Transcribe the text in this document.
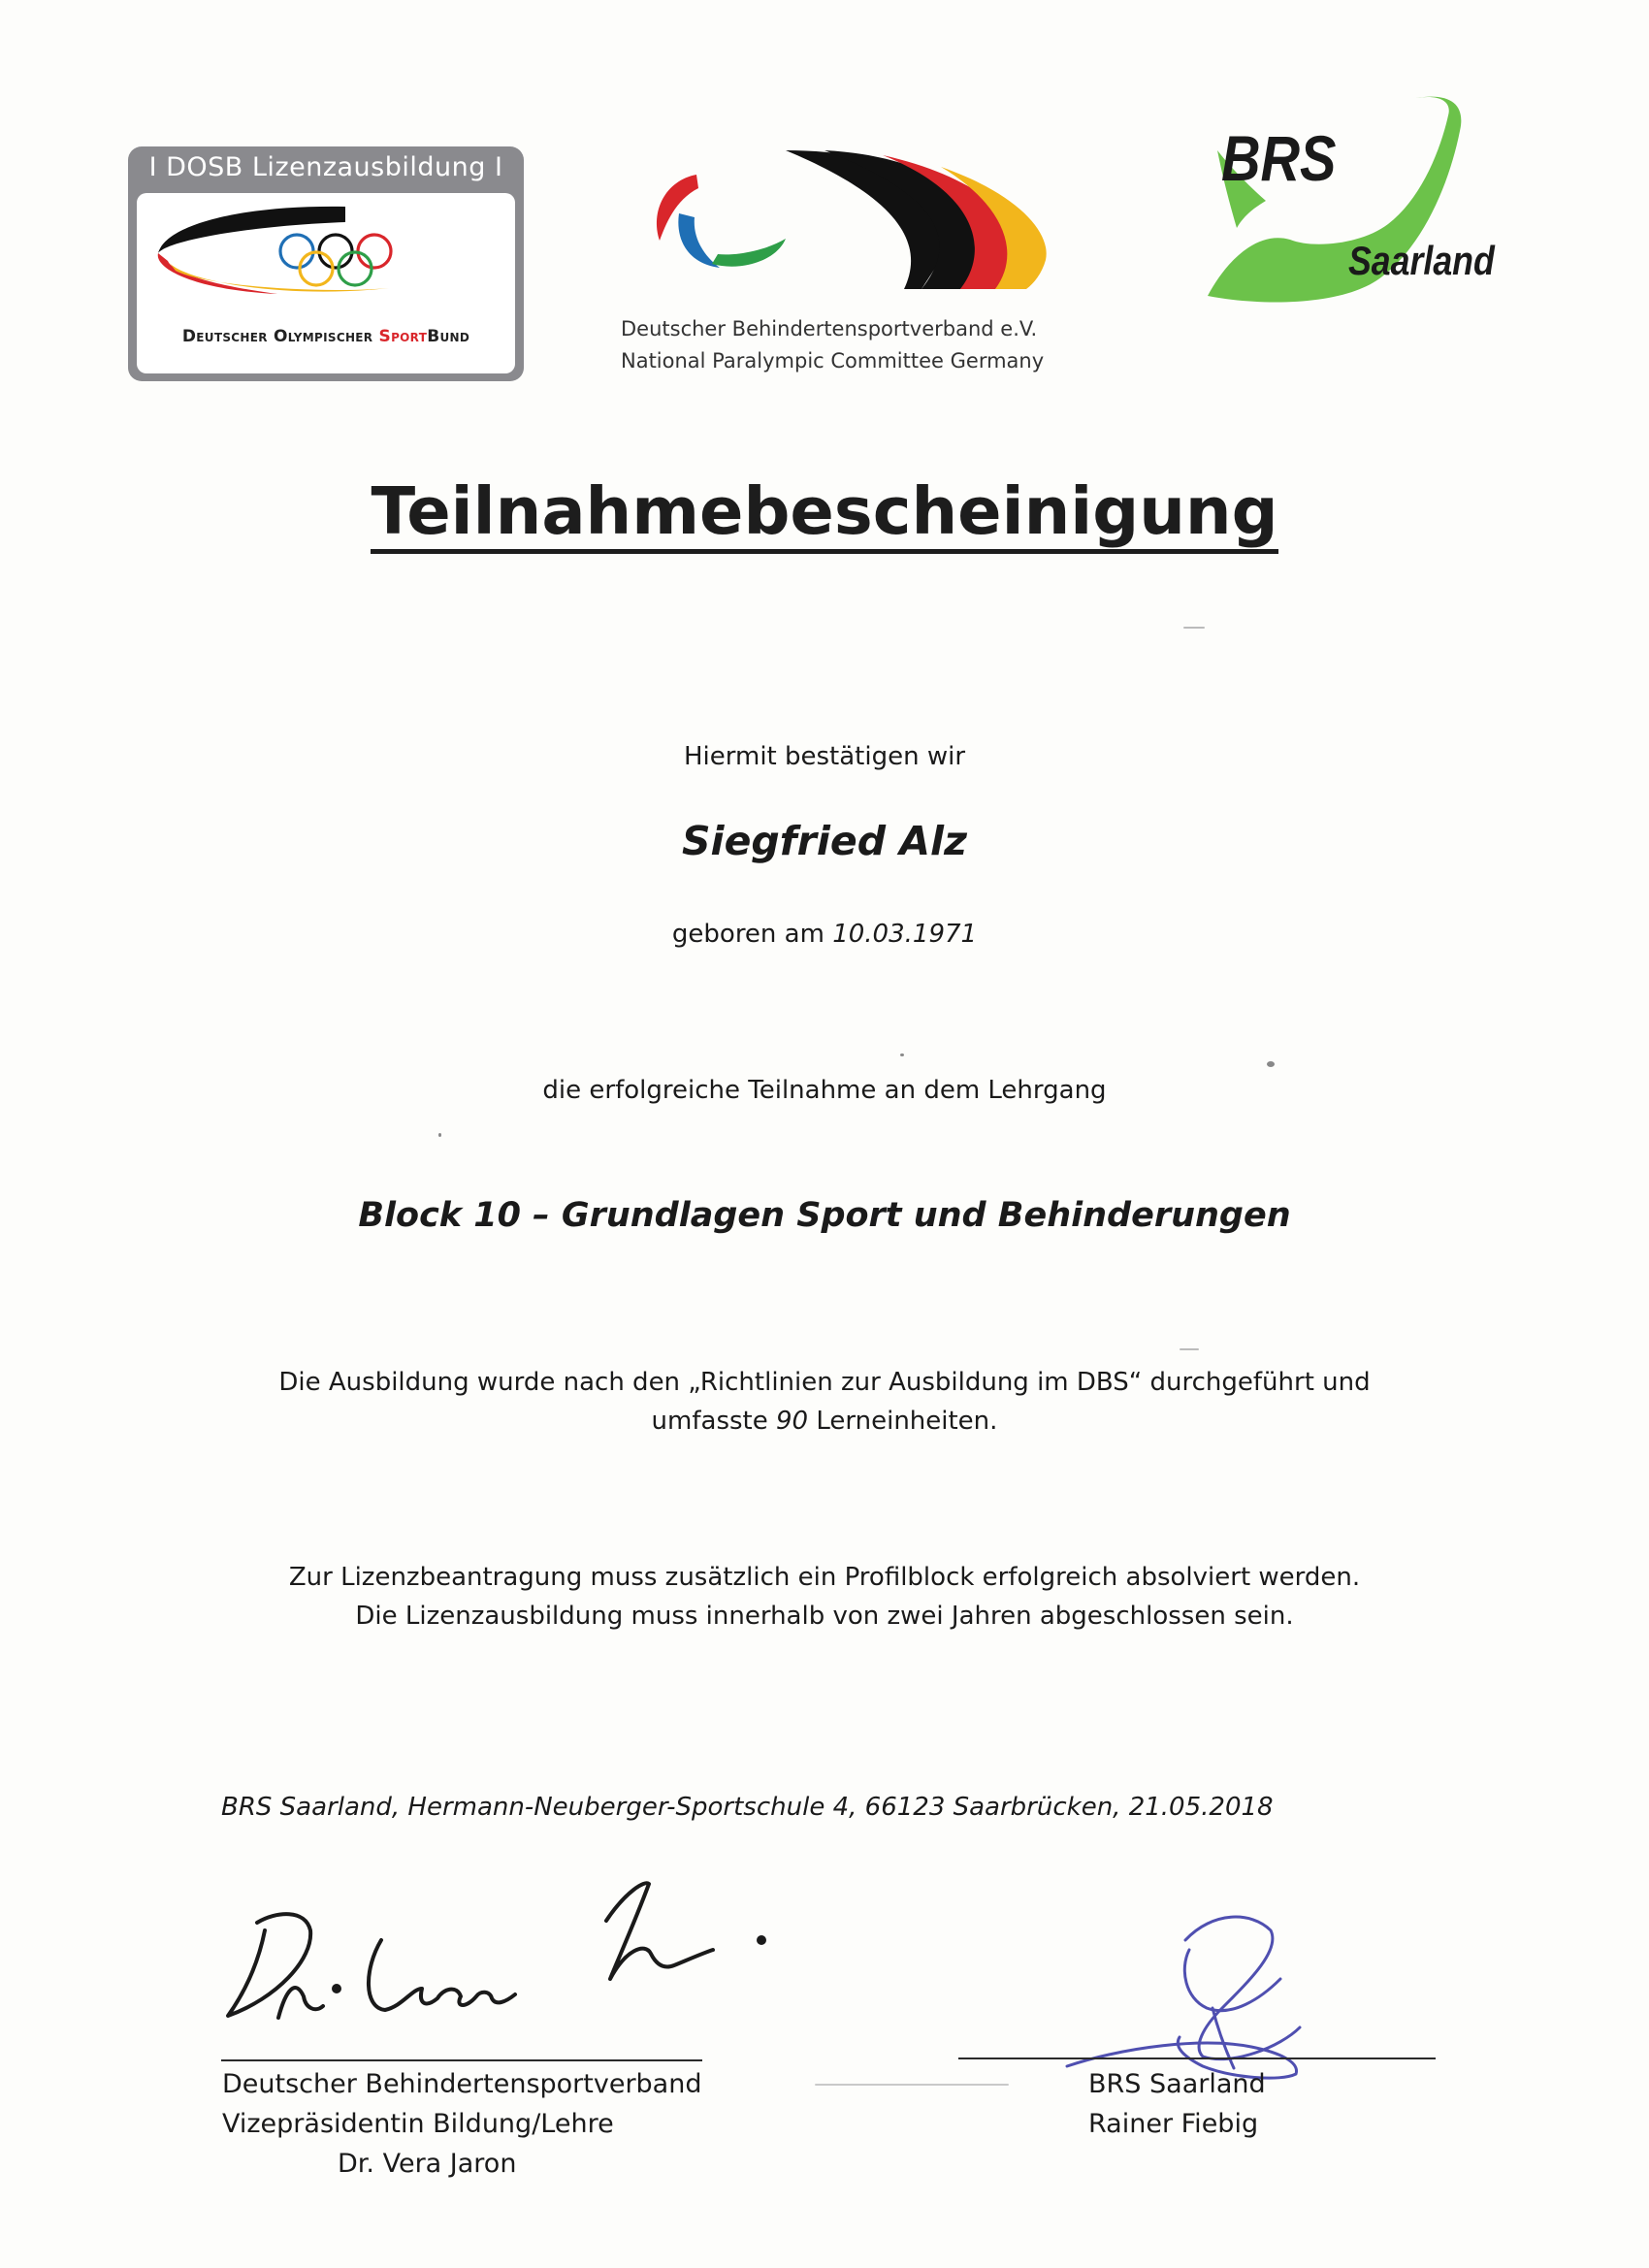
I DOSB Lizenzausbildung I
Deutscher Olympischer SportBund	Deutscher Behindertensportverband e.V.
National Paralympic Committee Germany
BRS
Saarland
Teilnahmebescheinigung
Hiermit bestätigen wir
Siegfried Alz
geboren am 10.03.1971
die erfolgreiche Teilnahme an dem Lehrgang
Block 10 – Grundlagen Sport und Behinderungen
Die Ausbildung wurde nach den „Richtlinien zur Ausbildung im DBS“ durchgeführt und
umfasste 90 Lerneinheiten.
Zur Lizenzbeantragung muss zusätzlich ein Profilblock erfolgreich absolviert werden.
Die Lizenzausbildung muss innerhalb von zwei Jahren abgeschlossen sein.
BRS Saarland, Hermann-Neuberger-Sportschule 4, 66123 Saarbrücken, 21.05.2018
Deutscher Behindertensportverband
Vizepräsidentin Bildung/Lehre
Dr. Vera Jaron
BRS Saarland
Rainer Fiebig
